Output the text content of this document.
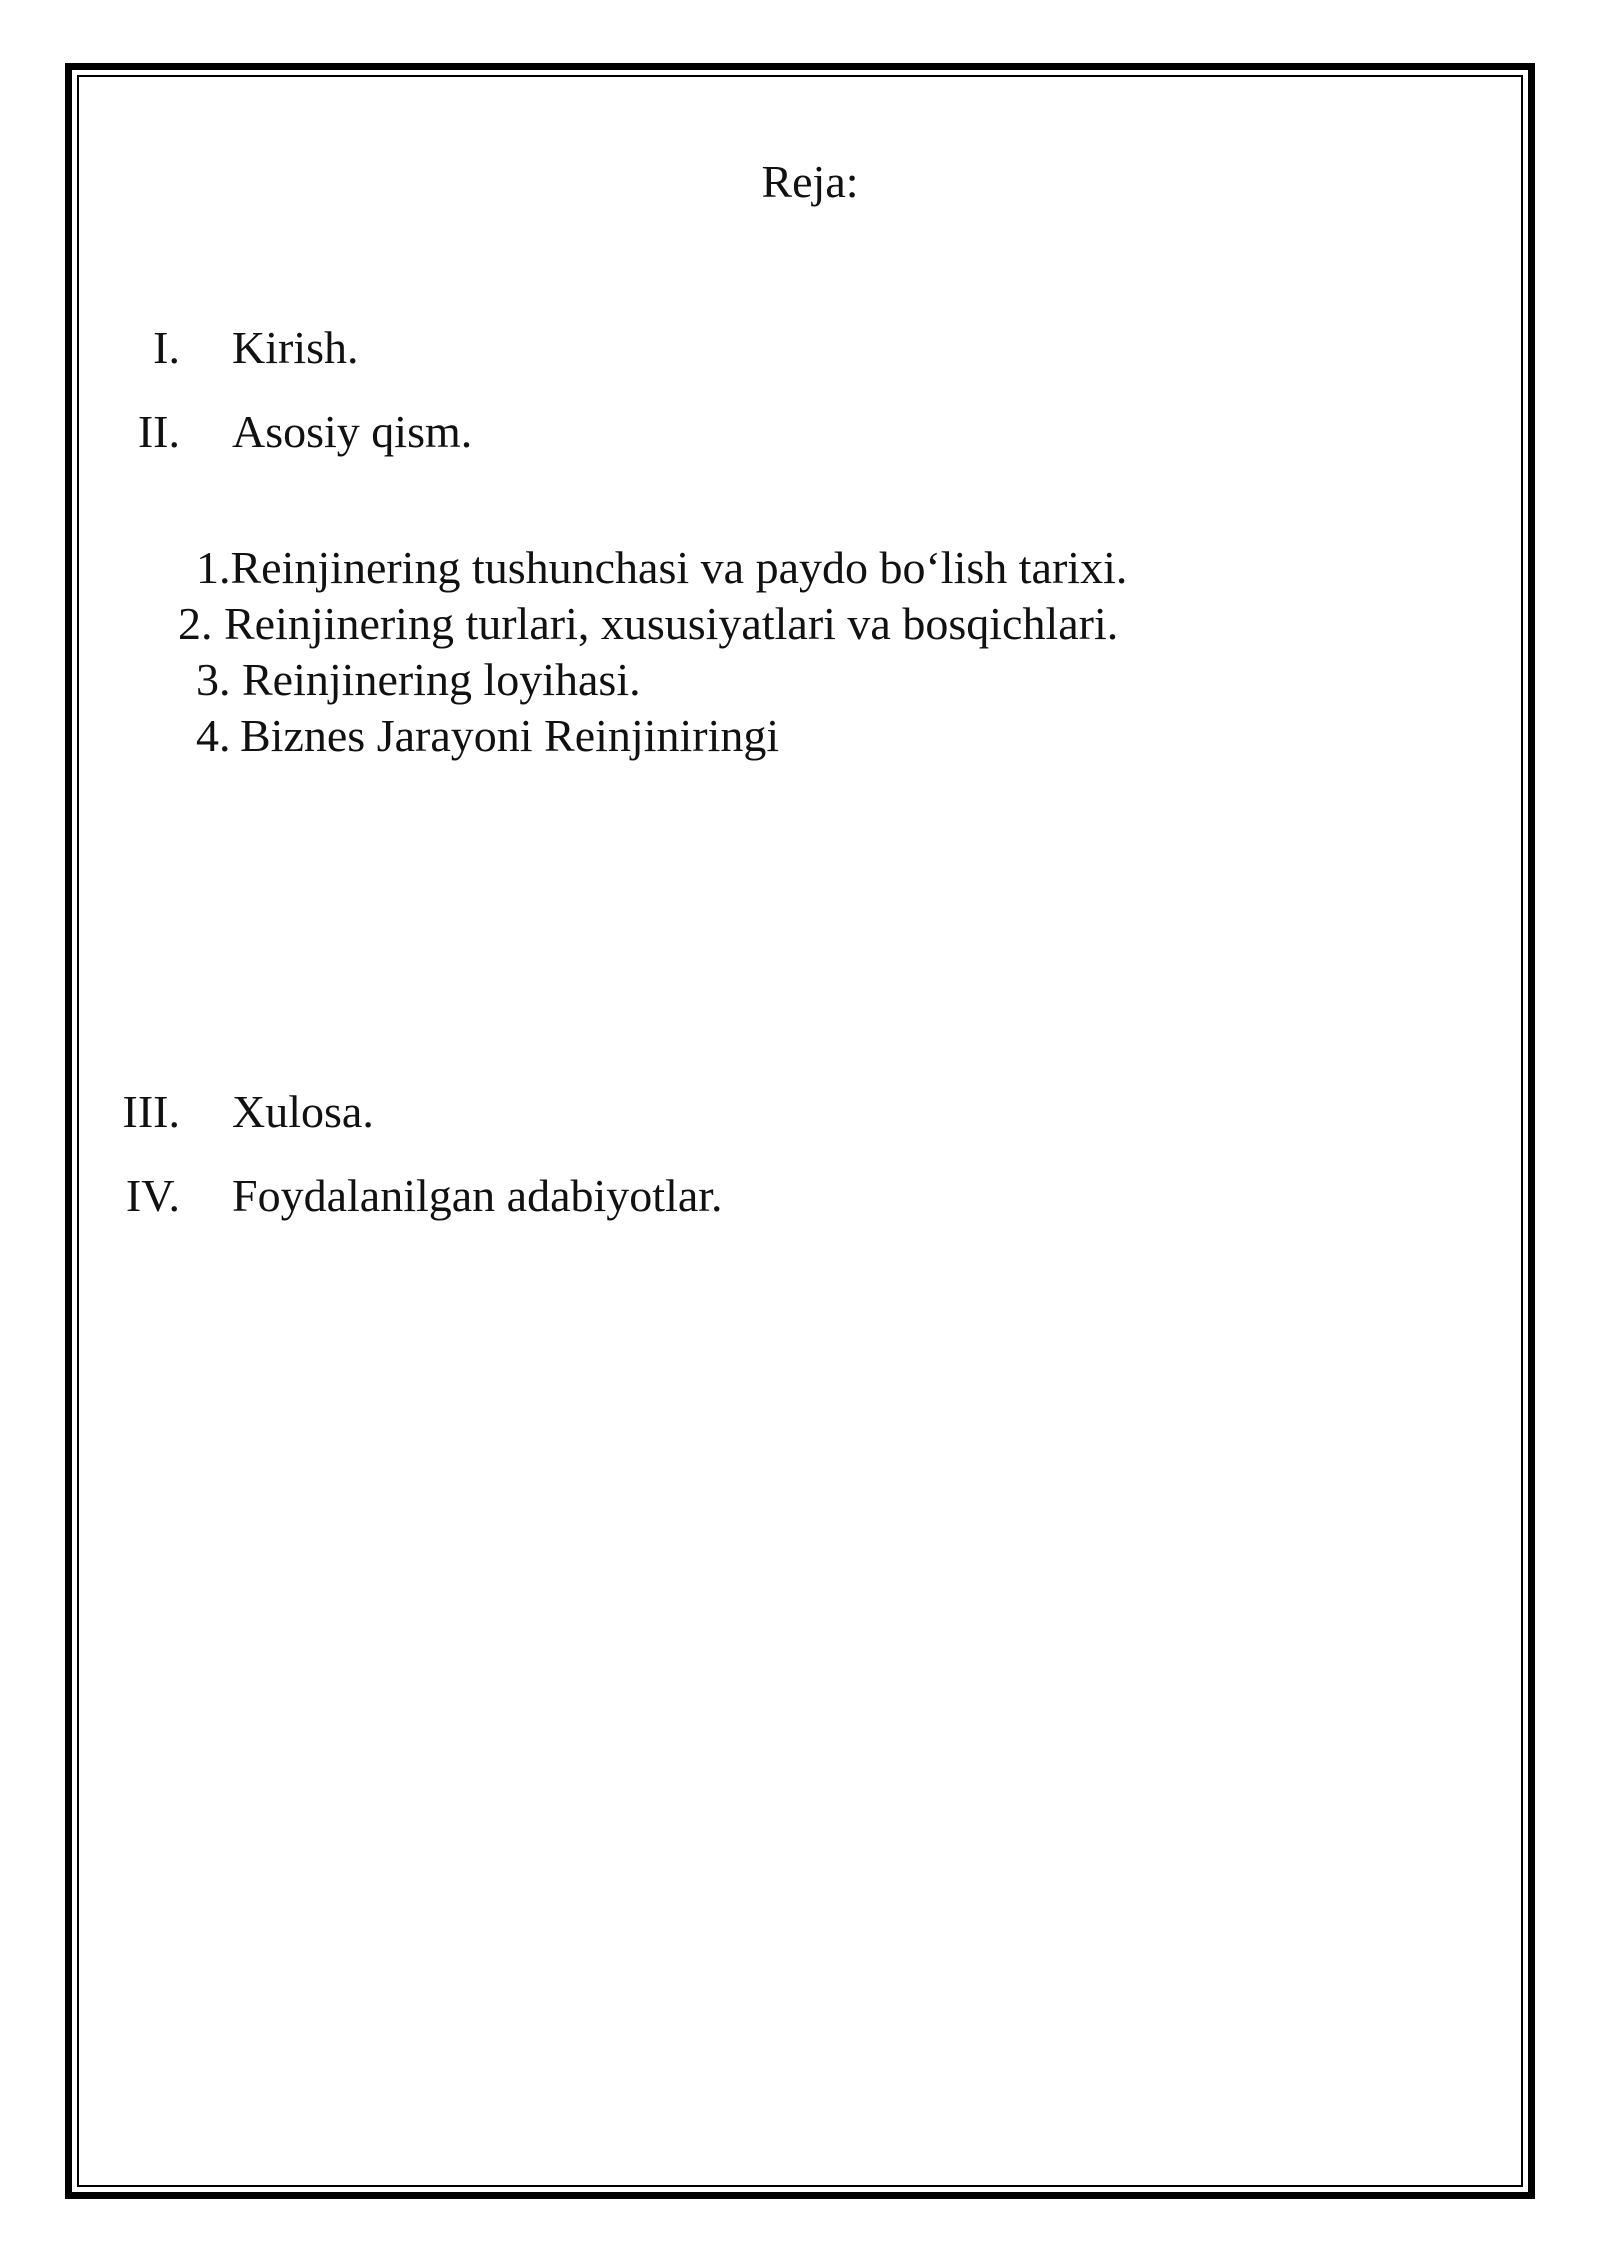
Reja:
I. Kirish.
II. Asosiy qism.
1.Reinjinering tushunchasi va paydo bo‘lish tarixi.
2. Reinjinering turlari, xususiyatlari va bosqichlari.
3. Reinjinering loyihasi.
4. Biznes Jarayoni Reinjiniringi
III. Xulosa.
IV. Foydalanilgan adabiyotlar.
